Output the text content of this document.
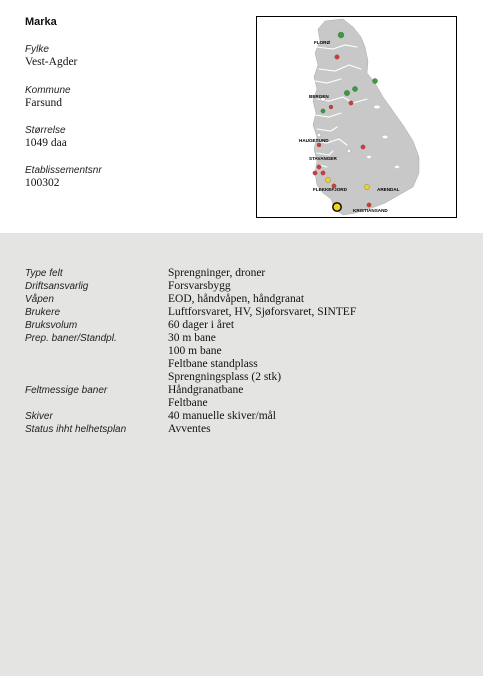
Marka
Fylke
Vest-Agder
Kommune
Farsund
Størrelse
1049 daa
Etablissementsnr
100302
FLORØ
BERGEN
HAUGESUND
STAVANGER
FLEKKEFJORD	ARENDAL
KRISTIANSAND
Type felt	Sprengninger, droner
Driftsansvarlig	Forsvarsbygg
Våpen	EOD, håndvåpen, håndgranat
Brukere	Luftforsvaret, HV, Sjøforsvaret, SINTEF
Bruksvolum	60 dager i året
Prep. baner/Standpl.	30 m bane
100 m bane
Feltbane standplass
Sprengningsplass (2 stk)
Feltmessige baner	Håndgranatbane
Feltbane
Skiver	40 manuelle skiver/mål
Status ihht helhetsplan	Avventes
